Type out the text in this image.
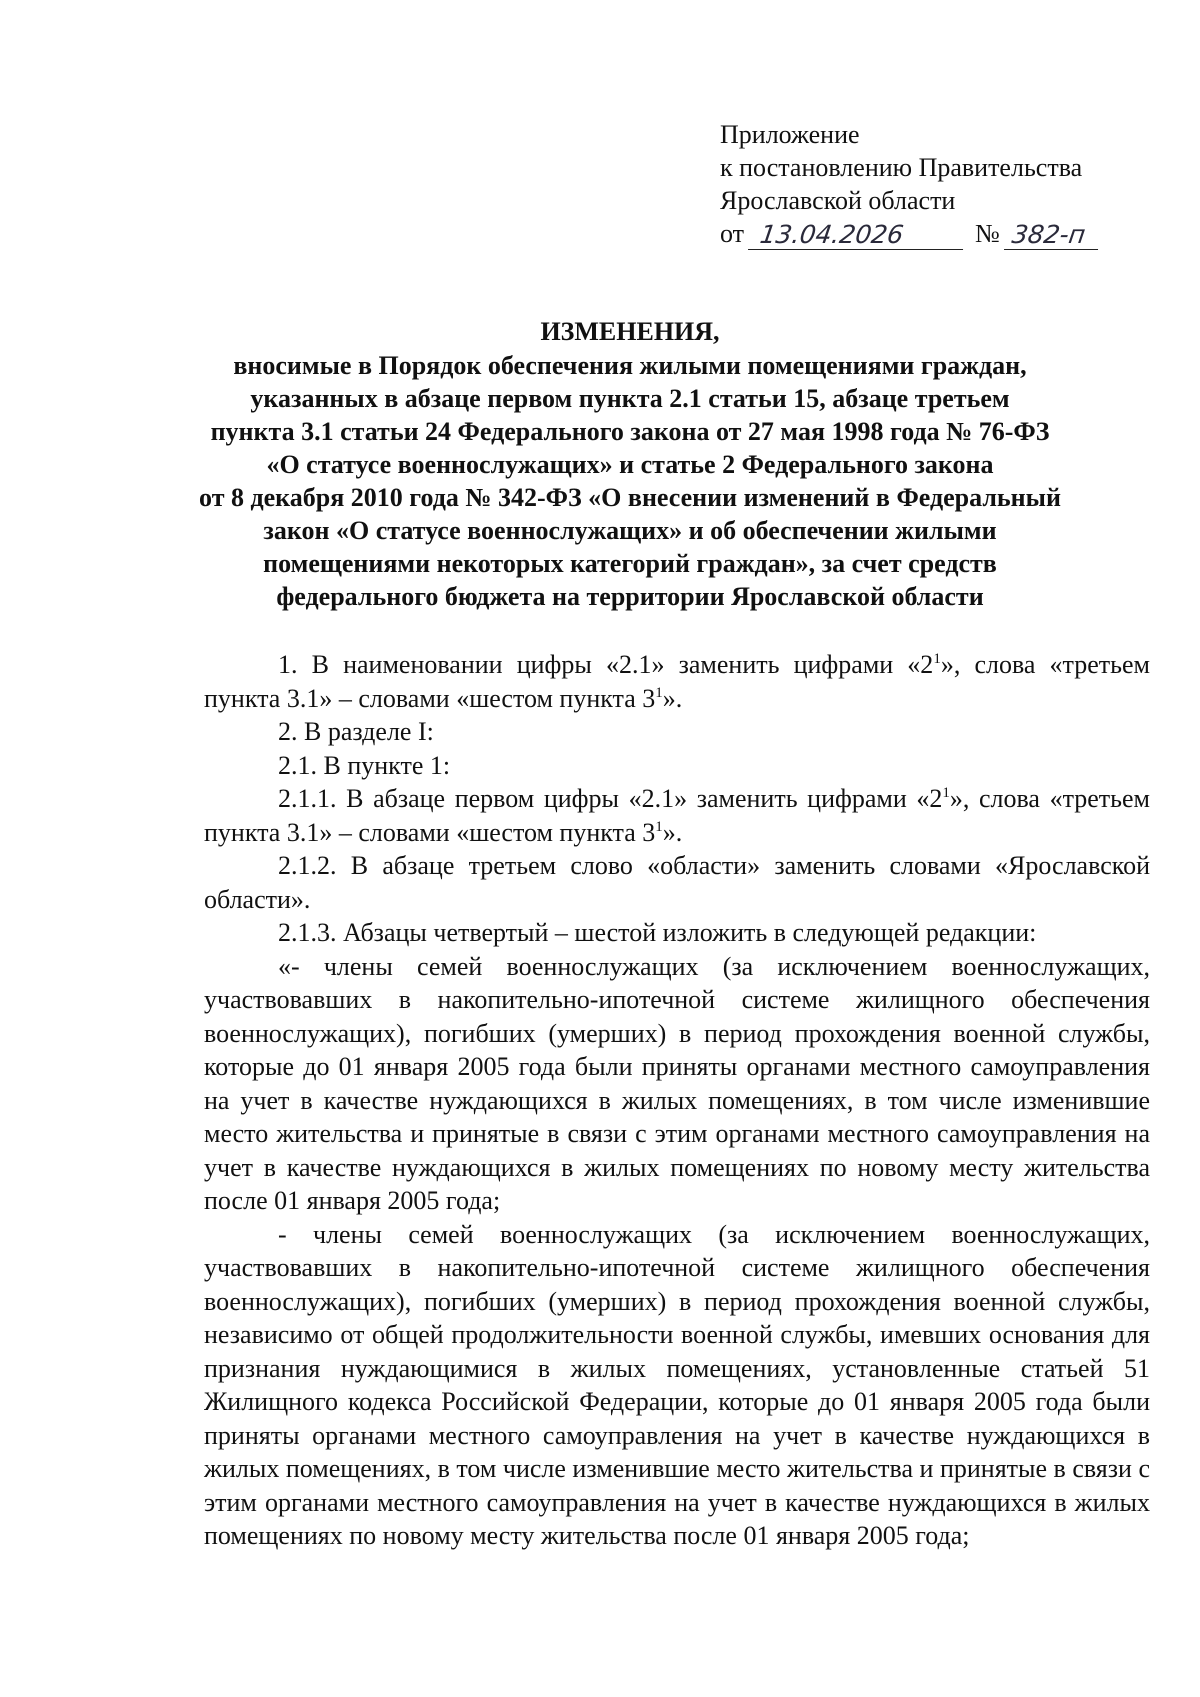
Приложение
к постановлению Правительства
Ярославской области
от 13.04.2026	№ 382-п
ИЗМЕНЕНИЯ,
вносимые в Порядок обеспечения жилыми помещениями граждан,
указанных в абзаце первом пункта 2.1 статьи 15, абзаце третьем
пункта 3.1 статьи 24 Федерального закона от 27 мая 1998 года № 76-ФЗ
«О статусе военнослужащих» и статье 2 Федерального закона
от 8 декабря 2010 года № 342-ФЗ «О внесении изменений в Федеральный
закон «О статусе военнослужащих» и об обеспечении жилыми
помещениями некоторых категорий граждан», за счет средств
федерального бюджета на территории Ярославской области

1. В наименовании цифры «2.1» заменить цифрами «$2^1$», слова «третьем пункта 3.1» – словами «шестом пункта $3^1$».

2. В разделе I:

2.1. В пункте 1:

2.1.1. В абзаце первом цифры «2.1» заменить цифрами «$2^1$», слова «третьем пункта 3.1» – словами «шестом пункта $3^1$».

2.1.2. В абзаце третьем слово «области» заменить словами «Ярославской области».

2.1.3. Абзацы четвертый – шестой изложить в следующей редакции:

«- члены семей военнослужащих (за исключением военнослужащих, участвовавших в накопительно-ипотечной системе жилищного обеспечения военнослужащих), погибших (умерших) в период прохождения военной службы, которые до 01 января 2005 года были приняты органами местного самоуправления на учет в качестве нуждающихся в жилых помещениях, в том числе изменившие место жительства и принятые в связи с этим органами местного самоуправления на учет в качестве нуждающихся в жилых помещениях по новому месту жительства после 01 января 2005 года;

- члены семей военнослужащих (за исключением военнослужащих, участвовавших в накопительно-ипотечной системе жилищного обеспечения военнослужащих), погибших (умерших) в период прохождения военной службы, независимо от общей продолжительности военной службы, имевших основания для признания нуждающимися в жилых помещениях, установленные статьей 51 Жилищного кодекса Российской Федерации, которые до 01 января 2005 года были приняты органами местного самоуправления на учет в качестве нуждающихся в жилых помещениях, в том числе изменившие место жительства и принятые в связи с этим органами местного самоуправления на учет в качестве нуждающихся в жилых помещениях по новому месту жительства после 01 января 2005 года;
